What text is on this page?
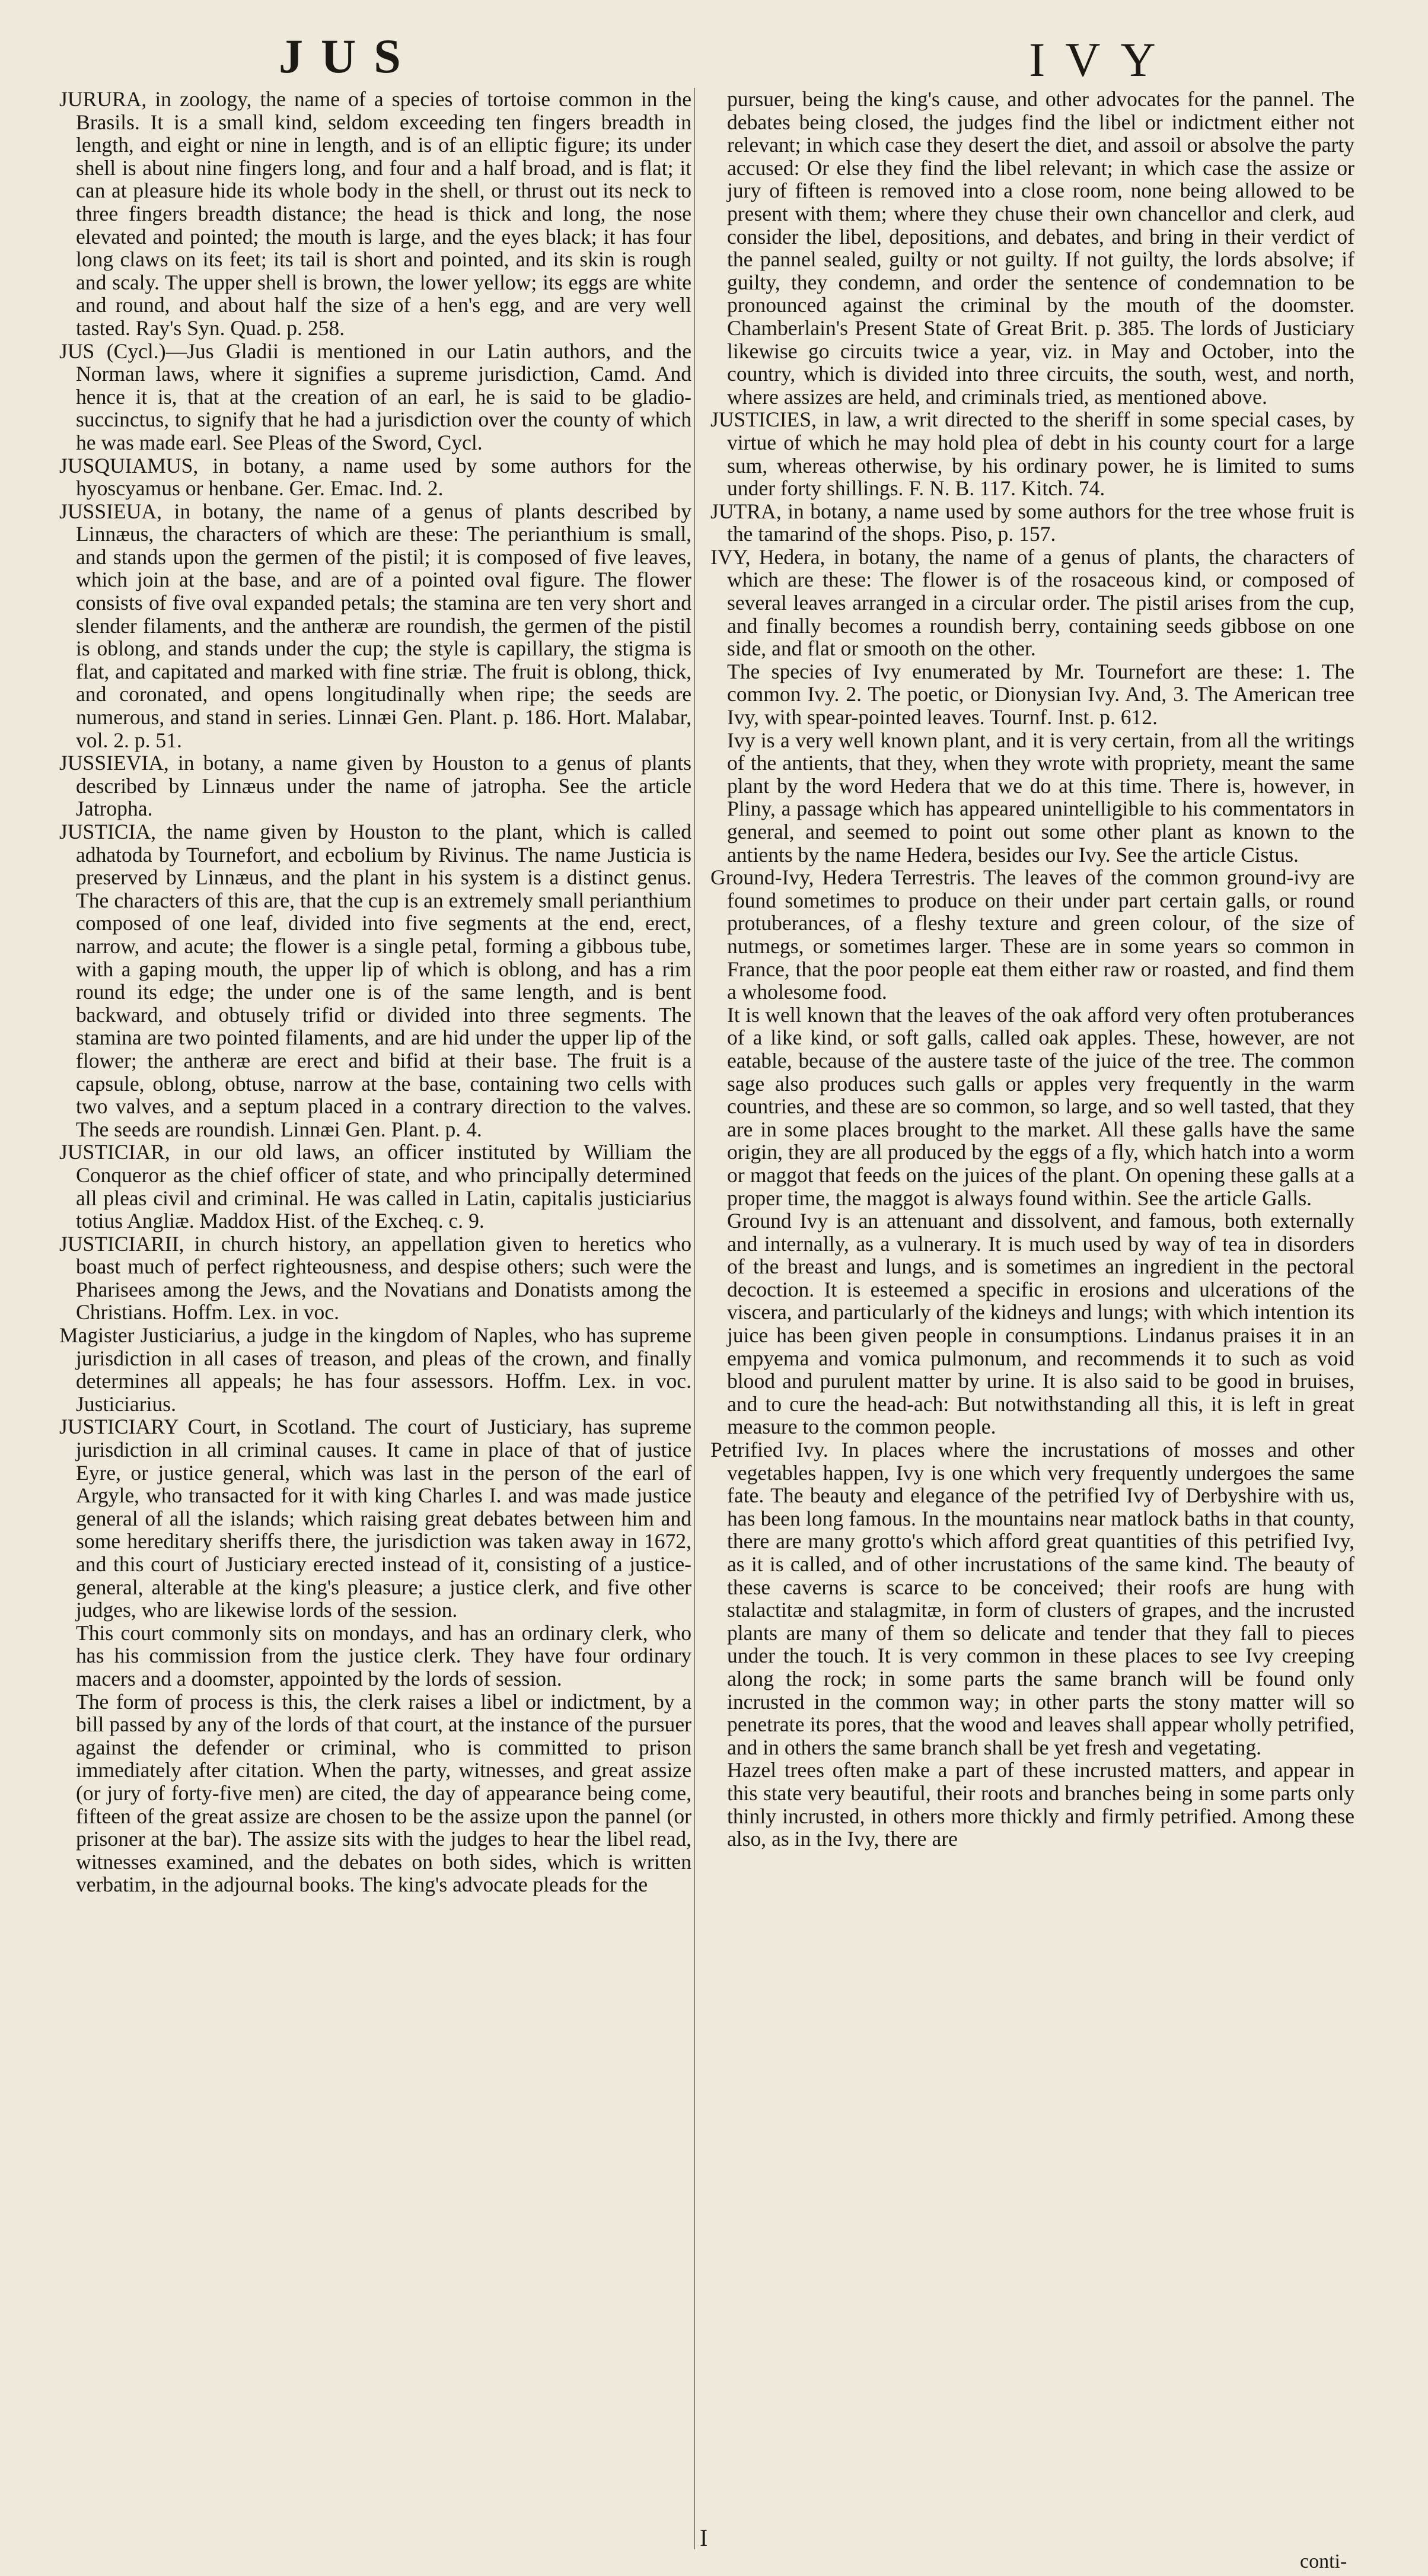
JUS	IVY

JURURA, in zoology, the name of a species of tortoise common in the Brasils. It is a small kind, seldom exceeding ten fingers breadth in length, and eight or nine in length, and is of an elliptic figure; its under shell is about nine fingers long, and four and a half broad, and is flat; it can at pleasure hide its whole body in the shell, or thrust out its neck to three fingers breadth distance; the head is thick and long, the nose elevated and pointed; the mouth is large, and the eyes black; it has four long claws on its feet; its tail is short and pointed, and its skin is rough and scaly. The upper shell is brown, the lower yellow; its eggs are white and round, and about half the size of a hen's egg, and are very well tasted. Ray's Syn. Quad. p. 258.

JUS (Cycl.)—Jus Gladii is mentioned in our Latin authors, and the Norman laws, where it signifies a supreme jurisdiction, Camd. And hence it is, that at the creation of an earl, he is said to be gladio-succinctus, to signify that he had a jurisdiction over the county of which he was made earl. See Pleas of the Sword, Cycl.

JUSQUIAMUS, in botany, a name used by some authors for the hyoscyamus or henbane. Ger. Emac. Ind. 2.

JUSSIEUA, in botany, the name of a genus of plants described by Linnæus, the characters of which are these: The perianthium is small, and stands upon the germen of the pistil; it is composed of five leaves, which join at the base, and are of a pointed oval figure. The flower consists of five oval expanded petals; the stamina are ten very short and slender filaments, and the antheræ are roundish, the germen of the pistil is oblong, and stands under the cup; the style is capillary, the stigma is flat, and capitated and marked with fine striæ. The fruit is oblong, thick, and coronated, and opens longitudinally when ripe; the seeds are numerous, and stand in series. Linnæi Gen. Plant. p. 186. Hort. Malabar, vol. 2. p. 51.

JUSSIEVIA, in botany, a name given by Houston to a genus of plants described by Linnæus under the name of jatropha. See the article Jatropha.

JUSTICIA, the name given by Houston to the plant, which is called adhatoda by Tournefort, and ecbolium by Rivinus. The name Justicia is preserved by Linnæus, and the plant in his system is a distinct genus. The characters of this are, that the cup is an extremely small perianthium composed of one leaf, divided into five segments at the end, erect, narrow, and acute; the flower is a single petal, forming a gibbous tube, with a gaping mouth, the upper lip of which is oblong, and has a rim round its edge; the under one is of the same length, and is bent backward, and obtusely trifid or divided into three segments. The stamina are two pointed filaments, and are hid under the upper lip of the flower; the antheræ are erect and bifid at their base. The fruit is a capsule, oblong, obtuse, narrow at the base, containing two cells with two valves, and a septum placed in a contrary direction to the valves. The seeds are roundish. Linnæi Gen. Plant. p. 4.

JUSTICIAR, in our old laws, an officer instituted by William the Conqueror as the chief officer of state, and who principally determined all pleas civil and criminal. He was called in Latin, capitalis justiciarius totius Angliæ. Maddox Hist. of the Excheq. c. 9.

JUSTICIARII, in church history, an appellation given to heretics who boast much of perfect righteousness, and despise others; such were the Pharisees among the Jews, and the Novatians and Donatists among the Christians. Hoffm. Lex. in voc.

Magister Justiciarius, a judge in the kingdom of Naples, who has supreme jurisdiction in all cases of treason, and pleas of the crown, and finally determines all appeals; he has four assessors. Hoffm. Lex. in voc. Justiciarius.

JUSTICIARY Court, in Scotland. The court of Justiciary, has supreme jurisdiction in all criminal causes. It came in place of that of justice Eyre, or justice general, which was last in the person of the earl of Argyle, who transacted for it with king Charles I. and was made justice general of all the islands; which raising great debates between him and some hereditary sheriffs there, the jurisdiction was taken away in 1672, and this court of Justiciary erected instead of it, consisting of a justice-general, alterable at the king's pleasure; a justice clerk, and five other judges, who are likewise lords of the session.

This court commonly sits on mondays, and has an ordinary clerk, who has his commission from the justice clerk. They have four ordinary macers and a doomster, appointed by the lords of session.

The form of process is this, the clerk raises a libel or indictment, by a bill passed by any of the lords of that court, at the instance of the pursuer against the defender or criminal, who is committed to prison immediately after citation. When the party, witnesses, and great assize (or jury of forty-five men) are cited, the day of appearance being come, fifteen of the great assize are chosen to be the assize upon the pannel (or prisoner at the bar). The assize sits with the judges to hear the libel read, witnesses examined, and the debates on both sides, which is written verbatim, in the adjournal books. The king's advocate pleads for the

pursuer, being the king's cause, and other advocates for the pannel. The debates being closed, the judges find the libel or indictment either not relevant; in which case they desert the diet, and assoil or absolve the party accused: Or else they find the libel relevant; in which case the assize or jury of fifteen is removed into a close room, none being allowed to be present with them; where they chuse their own chancellor and clerk, aud consider the libel, depositions, and debates, and bring in their verdict of the pannel sealed, guilty or not guilty. If not guilty, the lords absolve; if guilty, they condemn, and order the sentence of condemnation to be pronounced against the criminal by the mouth of the doomster. Chamberlain's Present State of Great Brit. p. 385. The lords of Justiciary likewise go circuits twice a year, viz. in May and October, into the country, which is divided into three circuits, the south, west, and north, where assizes are held, and criminals tried, as mentioned above.

JUSTICIES, in law, a writ directed to the sheriff in some special cases, by virtue of which he may hold plea of debt in his county court for a large sum, whereas otherwise, by his ordinary power, he is limited to sums under forty shillings. F. N. B. 117. Kitch. 74.

JUTRA, in botany, a name used by some authors for the tree whose fruit is the tamarind of the shops. Piso, p. 157.

IVY, Hedera, in botany, the name of a genus of plants, the characters of which are these: The flower is of the rosaceous kind, or composed of several leaves arranged in a circular order. The pistil arises from the cup, and finally becomes a roundish berry, containing seeds gibbose on one side, and flat or smooth on the other.

The species of Ivy enumerated by Mr. Tournefort are these: 1. The common Ivy. 2. The poetic, or Dionysian Ivy. And, 3. The American tree Ivy, with spear-pointed leaves. Tournf. Inst. p. 612.

Ivy is a very well known plant, and it is very certain, from all the writings of the antients, that they, when they wrote with propriety, meant the same plant by the word Hedera that we do at this time. There is, however, in Pliny, a passage which has appeared unintelligible to his commentators in general, and seemed to point out some other plant as known to the antients by the name Hedera, besides our Ivy. See the article Cistus.

Ground-Ivy, Hedera Terrestris. The leaves of the common ground-ivy are found sometimes to produce on their under part certain galls, or round protuberances, of a fleshy texture and green colour, of the size of nutmegs, or sometimes larger. These are in some years so common in France, that the poor people eat them either raw or roasted, and find them a wholesome food.

It is well known that the leaves of the oak afford very often protuberances of a like kind, or soft galls, called oak apples. These, however, are not eatable, because of the austere taste of the juice of the tree. The common sage also produces such galls or apples very frequently in the warm countries, and these are so common, so large, and so well tasted, that they are in some places brought to the market. All these galls have the same origin, they are all produced by the eggs of a fly, which hatch into a worm or maggot that feeds on the juices of the plant. On opening these galls at a proper time, the maggot is always found within. See the article Galls.

Ground Ivy is an attenuant and dissolvent, and famous, both externally and internally, as a vulnerary. It is much used by way of tea in disorders of the breast and lungs, and is sometimes an ingredient in the pectoral decoction. It is esteemed a specific in erosions and ulcerations of the viscera, and particularly of the kidneys and lungs; with which intention its juice has been given people in consumptions. Lindanus praises it in an empyema and vomica pulmonum, and recommends it to such as void blood and purulent matter by urine. It is also said to be good in bruises, and to cure the head-ach: But notwithstanding all this, it is left in great measure to the common people.

Petrified Ivy. In places where the incrustations of mosses and other vegetables happen, Ivy is one which very frequently undergoes the same fate. The beauty and elegance of the petrified Ivy of Derbyshire with us, has been long famous. In the mountains near matlock baths in that county, there are many grotto's which afford great quantities of this petrified Ivy, as it is called, and of other incrustations of the same kind. The beauty of these caverns is scarce to be conceived; their roofs are hung with stalactitæ and stalagmitæ, in form of clusters of grapes, and the incrusted plants are many of them so delicate and tender that they fall to pieces under the touch. It is very common in these places to see Ivy creeping along the rock; in some parts the same branch will be found only incrusted in the common way; in other parts the stony matter will so penetrate its pores, that the wood and leaves shall appear wholly petrified, and in others the same branch shall be yet fresh and vegetating.

Hazel trees often make a part of these incrusted matters, and appear in this state very beautiful, their roots and branches being in some parts only thinly incrusted, in others more thickly and firmly petrified. Among these also, as in the Ivy, there are

I
conti-
